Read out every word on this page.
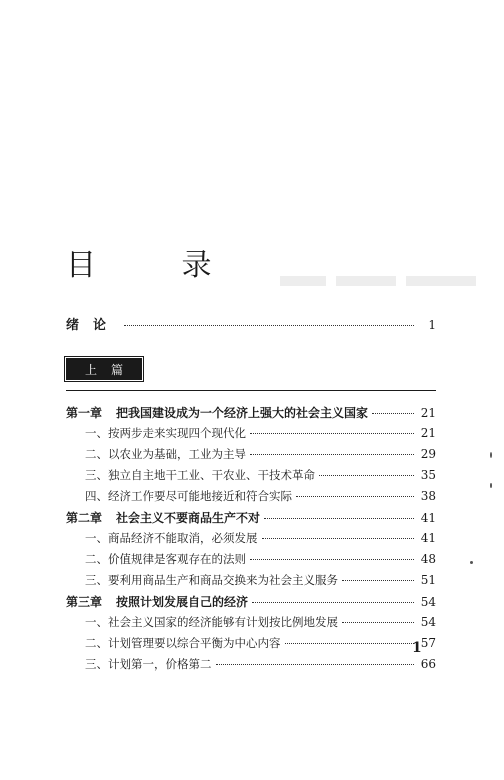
目 录
绪论	1
上篇
第一章 把我国建设成为一个经济上强大的社会主义国家	21
一、按两步走来实现四个现代化	21
二、以农业为基础，工业为主导	29
三、独立自主地干工业、干农业、干技术革命	35
四、经济工作要尽可能地接近和符合实际	38
第二章 社会主义不要商品生产不对	41
一、商品经济不能取消，必须发展	41
二、价值规律是客观存在的法则	48
三、要利用商品生产和商品交换来为社会主义服务	51
第三章 按照计划发展自己的经济	54
一、社会主义国家的经济能够有计划按比例地发展	54
二、计划管理要以综合平衡为中心内容	57
三、计划第一，价格第二	66
1
